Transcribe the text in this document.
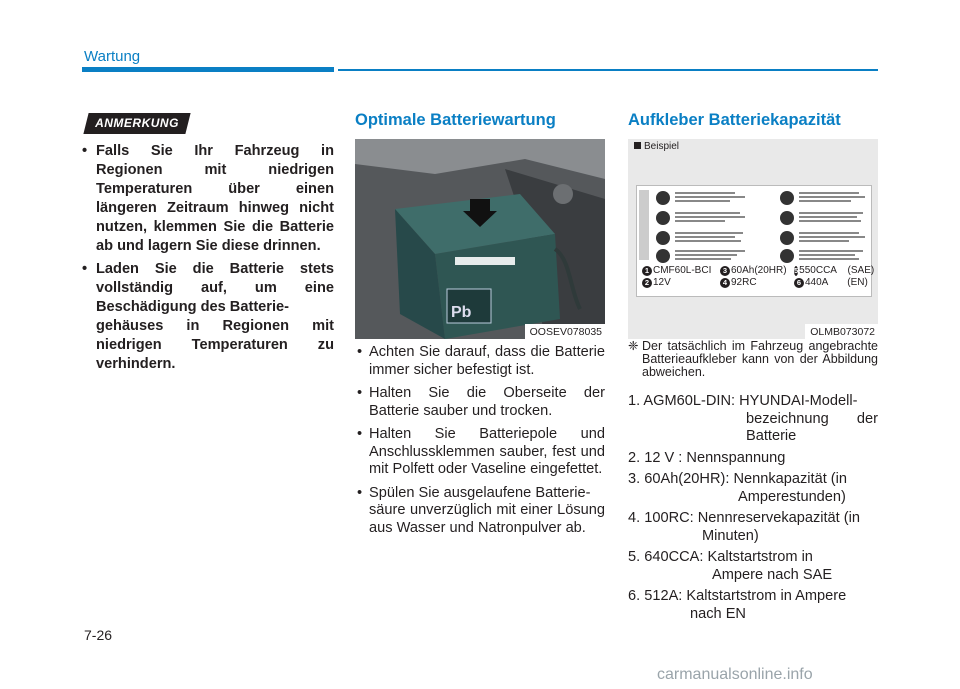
Wartung
ANMERKUNG
• Falls Sie Ihr Fahrzeug in Regionen mit niedrigen Temperaturen über einen längeren Zeitraum hinweg nicht nutzen, klemmen Sie die Batterie ab und lagern Sie diese drinnen.
• Laden Sie die Batterie stets vollständig auf, um eine Beschädigung des Batterie-
gehäuses in Regionen mit niedrigen Temperaturen zu verhindern.
Optimale Batteriewartung
Pb
OOSEV078035
• Achten Sie darauf, dass die Batterie immer sicher befestigt ist.
• Halten Sie die Oberseite der Batterie sauber und trocken.
• Halten Sie Batteriepole und Anschlussklemmen sauber, fest und mit Polfett oder Vaseline eingefettet.
• Spülen Sie ausgelaufene Batterie-
säure unverzüglich mit einer Lösung aus Wasser und Natronpulver ab.
Aufkleber Batteriekapazität
Beispiel
1 CMF60L-BCI	3 60Ah(20HR) 5 550CCA    (SAE)
2 12V	4 92RC	6 440A       (EN)
OLMB073072
❈ Der tatsächlich im Fahrzeug angebrachte Batterieaufkleber kann von der Abbildung abweichen.
1. AGM60L-DIN: HYUNDAI-Modell-
bezeichnung der Batterie
2. 12 V : Nennspannung
3. 60Ah(20HR): Nennkapazität (in
Amperestunden)
4. 100RC: Nennreservekapazität (in
Minuten)
5. 640CCA: Kaltstartstrom in
Ampere nach SAE
6. 512A: Kaltstartstrom in Ampere
nach EN
7-26
carmanualsonline.info
